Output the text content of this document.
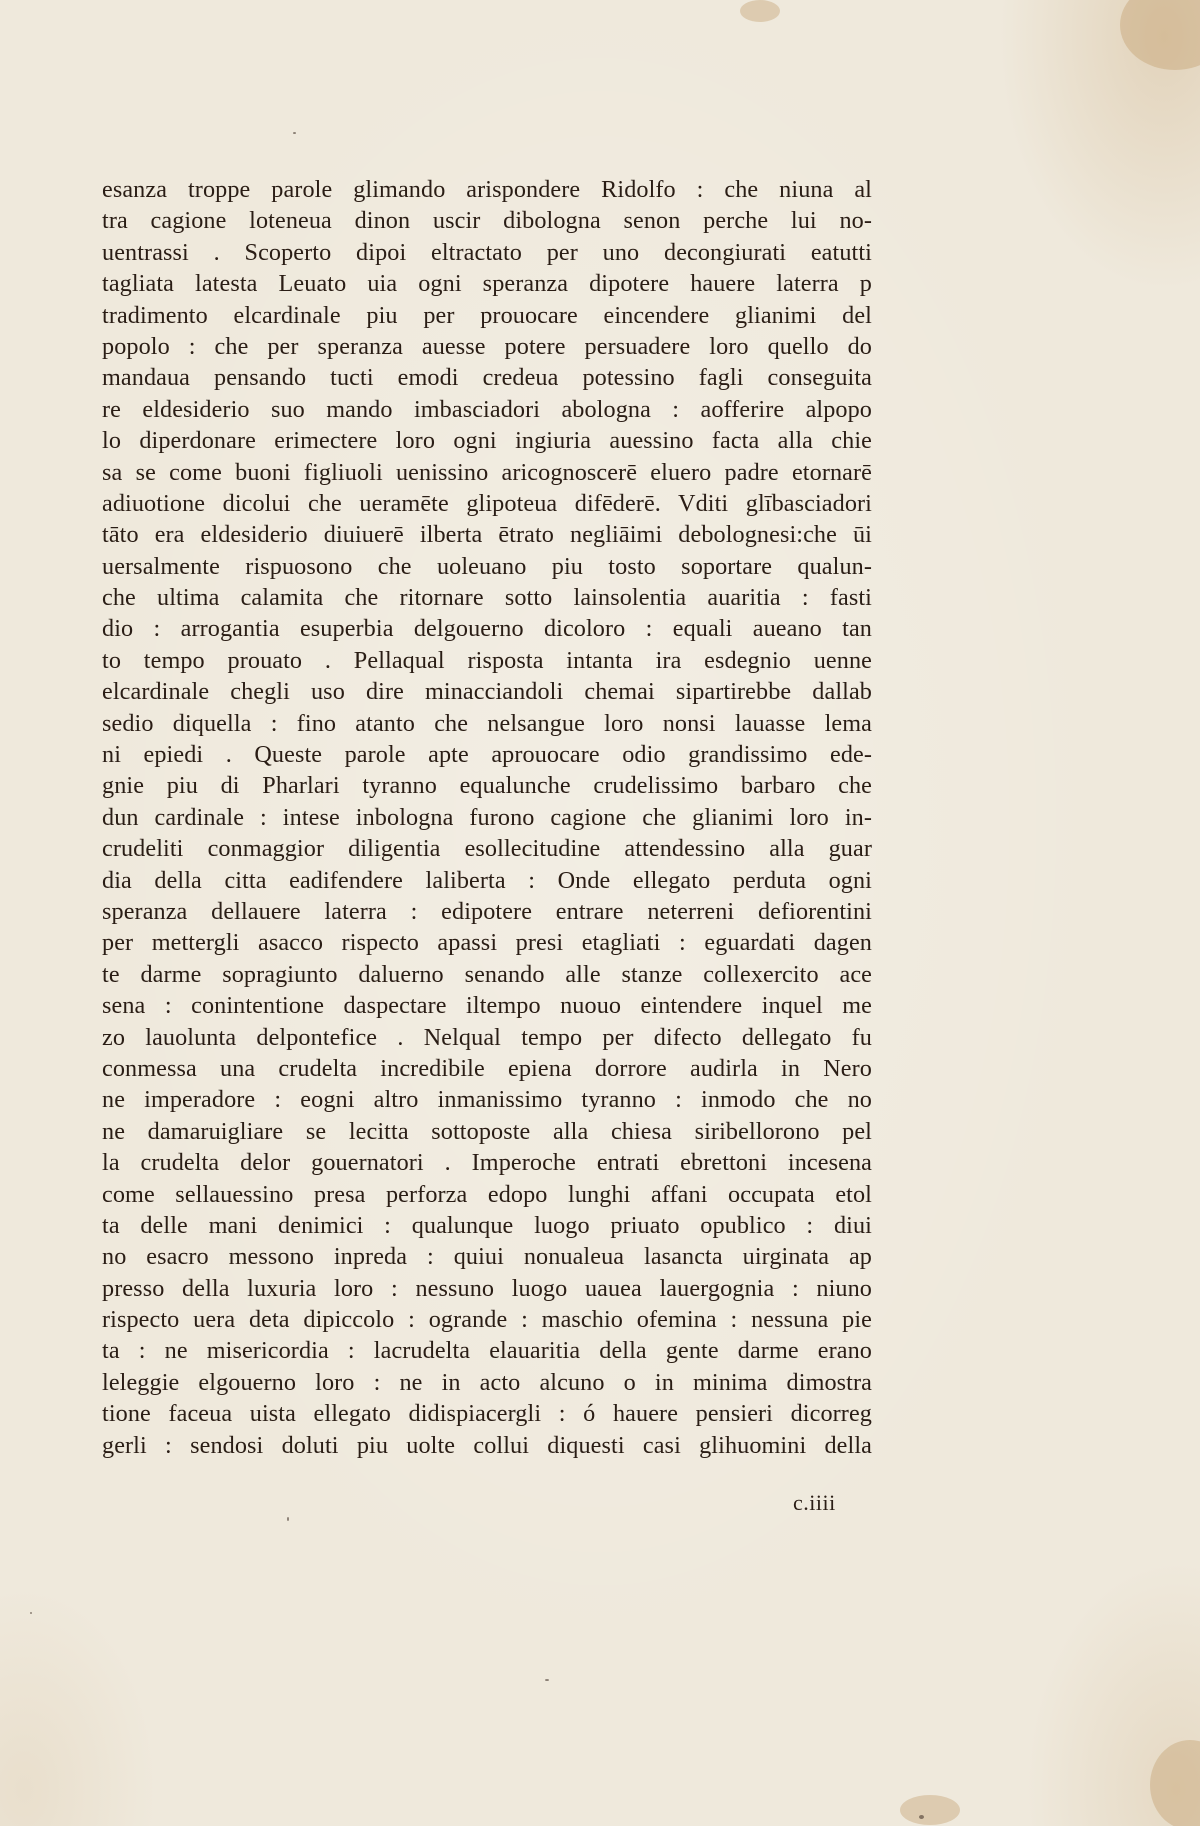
esanza troppe parole glimando arispondere Ridolfo : che niuna al
tra cagione loteneua dinon uscir dibologna senon perche lui no-
uentrassi . Scoperto dipoi eltractato per uno decongiurati eatutti
tagliata latesta Leuato uia ogni speranza dipotere hauere laterra p
tradimento elcardinale piu per prouocare eincendere glianimi del
popolo : che per speranza auesse potere persuadere loro quello do
mandaua pensando tucti emodi credeua potessino fagli conseguita
re eldesiderio suo mando imbasciadori abologna : aofferire alpopo
lo diperdonare erimectere loro ogni ingiuria auessino facta alla chie
sa se come buoni figliuoli uenissino aricognoscerē eluero padre etornarē
adiuotione dicolui che ueramēte glipoteua difēderē. Vditi glībasciadori
tāto era eldesiderio diuiuerē ilberta ētrato negliāimi debolognesi:che ūi
uersalmente rispuosono che uoleuano piu tosto soportare qualun-
che ultima calamita che ritornare sotto lainsolentia auaritia : fasti
dio : arrogantia esuperbia delgouerno dicoloro : equali aueano tan
to tempo prouato . Pellaqual risposta intanta ira esdegnio uenne
elcardinale chegli uso dire minacciandoli chemai sipartirebbe dallab
sedio diquella : fino atanto che nelsangue loro nonsi lauasse lema
ni epiedi . Queste parole apte aprouocare odio grandissimo ede-
gnie piu di Pharlari tyranno equalunche crudelissimo barbaro che
dun cardinale : intese inbologna furono cagione che glianimi loro in-
crudeliti conmaggior diligentia esollecitudine attendessino alla guar
dia della citta eadifendere laliberta : Onde ellegato perduta ogni
speranza dellauere laterra : edipotere entrare neterreni defiorentini
per mettergli asacco rispecto apassi presi etagliati : eguardati dagen
te darme sopragiunto daluerno senando alle stanze collexercito ace
sena : conintentione daspectare iltempo nuouo eintendere inquel me
zo lauolunta delpontefice . Nelqual tempo per difecto dellegato fu
conmessa una crudelta incredibile epiena dorrore audirla in Nero
ne imperadore : eogni altro inmanissimo tyranno : inmodo che no
ne damaruigliare se lecitta sottoposte alla chiesa siribellorono pel
la crudelta delor gouernatori . Imperoche entrati ebrettoni incesena
come sellauessino presa perforza edopo lunghi affani occupata etol
ta delle mani denimici : qualunque luogo priuato opublico : diui
no esacro messono inpreda : quiui nonualeua lasancta uirginata ap
presso della luxuria loro : nessuno luogo uaueа lauergognia : niuno
rispecto uera deta dipiccolo : ogrande : maschio ofemina : nessuna pie
ta : ne misericordia : lacrudelta elauaritia della gente darme erano
leleggie elgouerno loro : ne in acto alcuno o in minima dimostra
tione faceua uista ellegato didispiacergli : ó hauere pensieri dicorreg
gerli : sendosi doluti piu uolte collui diquesti casi glihuomini della
c.iiii
